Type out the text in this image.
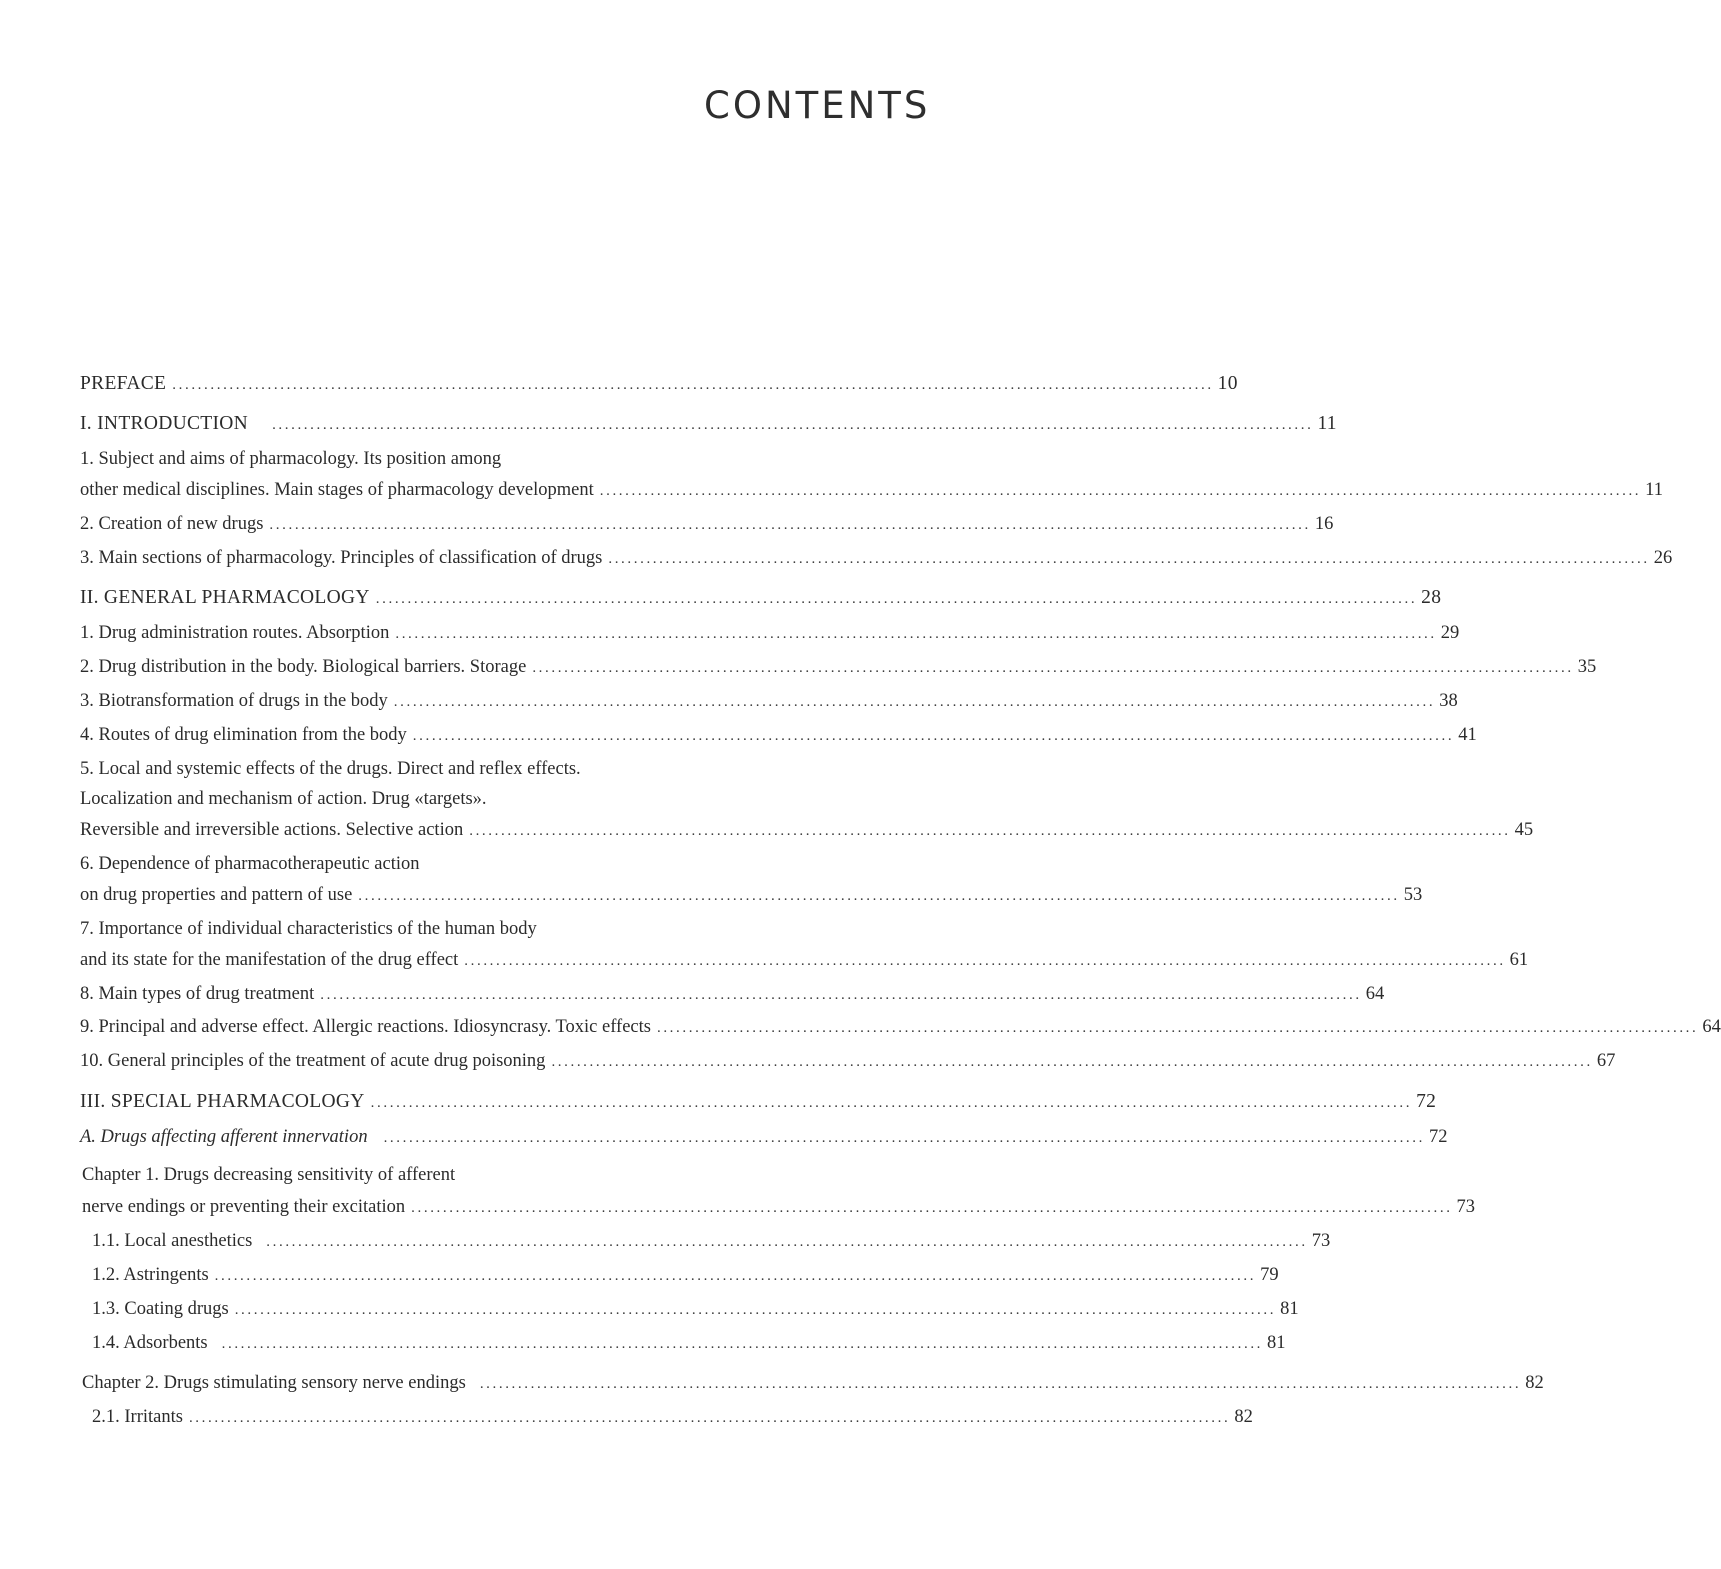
CONTENTS
PREFACE .................................................................................................................................................................... 10
I. INTRODUCTION .................................................................................................................................................................... 11
1. Subject and aims of pharmacology. Its position among
other medical disciplines. Main stages of pharmacology development .................................................................................................................................................................... 11
2. Creation of new drugs .................................................................................................................................................................... 16
3. Main sections of pharmacology. Principles of classification of drugs .................................................................................................................................................................... 26
II. GENERAL PHARMACOLOGY .................................................................................................................................................................... 28
1. Drug administration routes. Absorption .................................................................................................................................................................... 29
2. Drug distribution in the body. Biological barriers. Storage .................................................................................................................................................................... 35
3. Biotransformation of drugs in the body .................................................................................................................................................................... 38
4. Routes of drug elimination from the body .................................................................................................................................................................... 41
5. Local and systemic effects of the drugs. Direct and reflex effects.
Localization and mechanism of action. Drug «targets».
Reversible and irreversible actions. Selective action .................................................................................................................................................................... 45
6. Dependence of pharmacotherapeutic action
on drug properties and pattern of use .................................................................................................................................................................... 53
7. Importance of individual characteristics of the human body
and its state for the manifestation of the drug effect .................................................................................................................................................................... 61
8. Main types of drug treatment .................................................................................................................................................................... 64
9. Principal and adverse effect. Allergic reactions. Idiosyncrasy. Toxic effects .................................................................................................................................................................... 64
10. General principles of the treatment of acute drug poisoning .................................................................................................................................................................... 67
III. SPECIAL PHARMACOLOGY .................................................................................................................................................................... 72
A. Drugs affecting afferent innervation .................................................................................................................................................................... 72
Chapter 1. Drugs decreasing sensitivity of afferent
nerve endings or preventing their excitation .................................................................................................................................................................... 73
1.1. Local anesthetics .................................................................................................................................................................... 73
1.2. Astringents .................................................................................................................................................................... 79
1.3. Coating drugs .................................................................................................................................................................... 81
1.4. Adsorbents .................................................................................................................................................................... 81
Chapter 2. Drugs stimulating sensory nerve endings .................................................................................................................................................................... 82
2.1. Irritants .................................................................................................................................................................... 82
